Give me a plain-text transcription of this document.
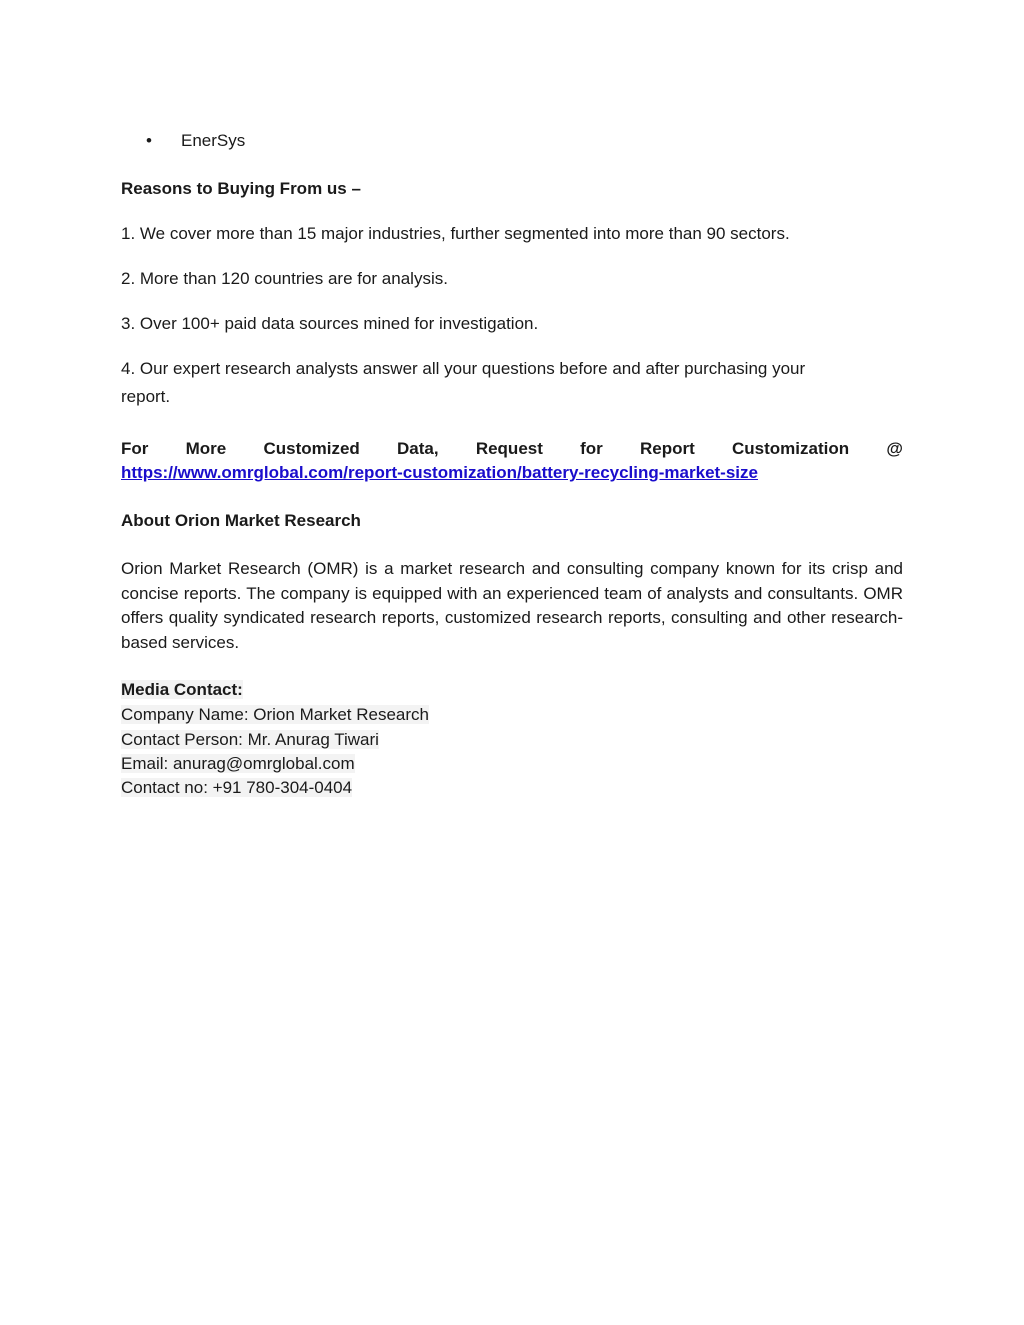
• EnerSys
Reasons to Buying From us –
1. We cover more than 15 major industries, further segmented into more than 90 sectors.
2. More than 120 countries are for analysis.
3. Over 100+ paid data sources mined for investigation.
4. Our expert research analysts answer all your questions before and after purchasing your
report.
For More Customized Data, Request for Report Customization @
https://www.omrglobal.com/report-customization/battery-recycling-market-size
About Orion Market Research
Orion Market Research (OMR) is a market research and consulting company known for its crisp and concise reports. The company is equipped with an experienced team of analysts and consultants. OMR offers quality syndicated research reports, customized research reports, consulting and other research-based services.
Media Contact:
Company Name: Orion Market Research
Contact Person: Mr. Anurag Tiwari
Email: anurag@omrglobal.com
Contact no: +91 780-304-0404
